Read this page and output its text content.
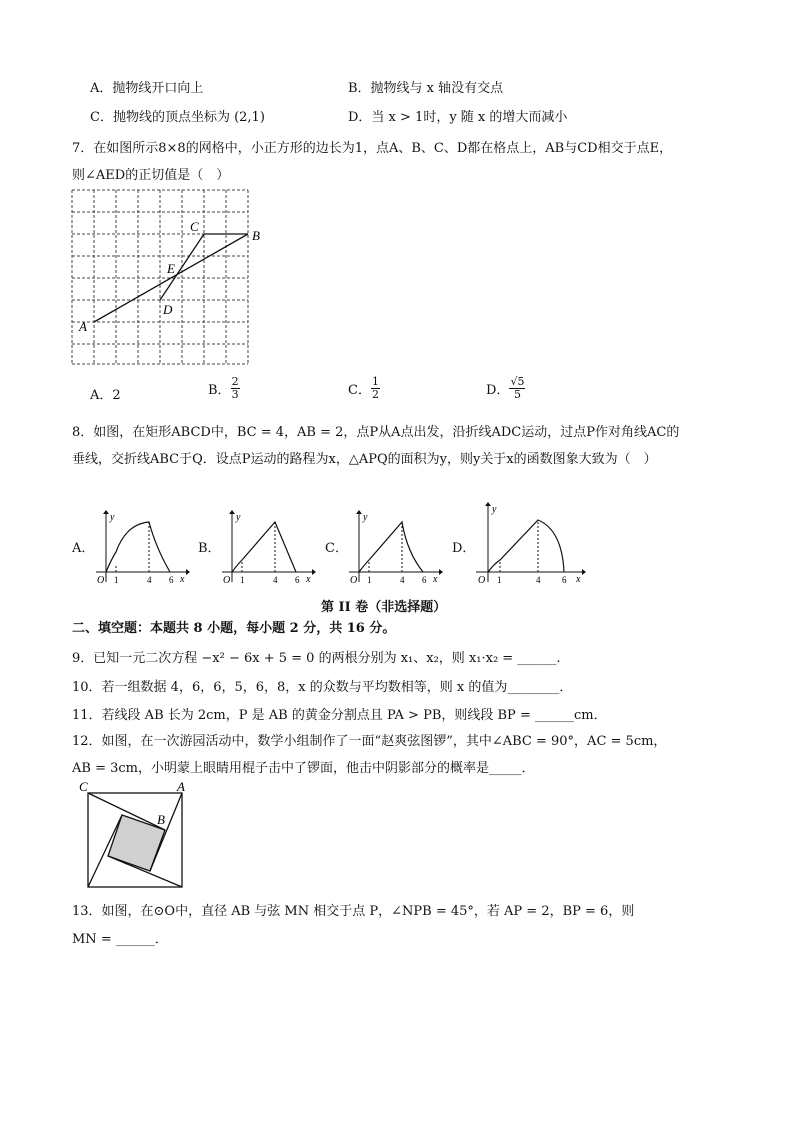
A．抛物线开口向上	B．抛物线与 x 轴没有交点
C．抛物线的顶点坐标为 (2,1)	D．当 x > 1时，y 随 x 的增大而减小
7．在如图所示8×8的网格中，小正方形的边长为1，点A、B、C、D都在格点上，AB与CD相交于点E，
则∠AED的正切值是（　）
A
B
C
D
E
A．2	B． $\frac{2}{3}$	C． $\frac{1}{2}$	D． $\frac{√5}{5}$
8．如图，在矩形ABCD中，BC = 4，AB = 2，点P从A点出发，沿折线ADC运动，过点P作对角线AC的
垂线，交折线ABC于Q．设点P运动的路程为x，△APQ的面积为y，则y关于x的函数图象大致为（　）
A．
y
x
O 1	4 6
B．
y
x
O 1	4 6
C．
y
x
O 1	4 6
D．
y
x
O 1	4 6
第 II 卷（非选择题）
二、填空题：本题共 8 小题，每小题 2 分，共 16 分。
9．已知一元二次方程 −x² − 6x + 5 = 0 的两根分别为 x₁、x₂，则 x₁·x₂ = ______.
10．若一组数据 4，6，6，5，6，8，x 的众数与平均数相等，则 x 的值为________．
11．若线段 AB 长为 2cm，P 是 AB 的黄金分割点且 PA > PB，则线段 BP = ______cm．
12．如图，在一次游园活动中，数学小组制作了一面“赵爽弦图锣”，其中∠ABC = 90°，AC = 5cm，
AB = 3cm，小明蒙上眼睛用棍子击中了锣面，他击中阴影部分的概率是_____．
C	A
B
13．如图，在⊙O中，直径 AB 与弦 MN 相交于点 P，∠NPB = 45°，若 AP = 2，BP = 6，则
MN = ______．
